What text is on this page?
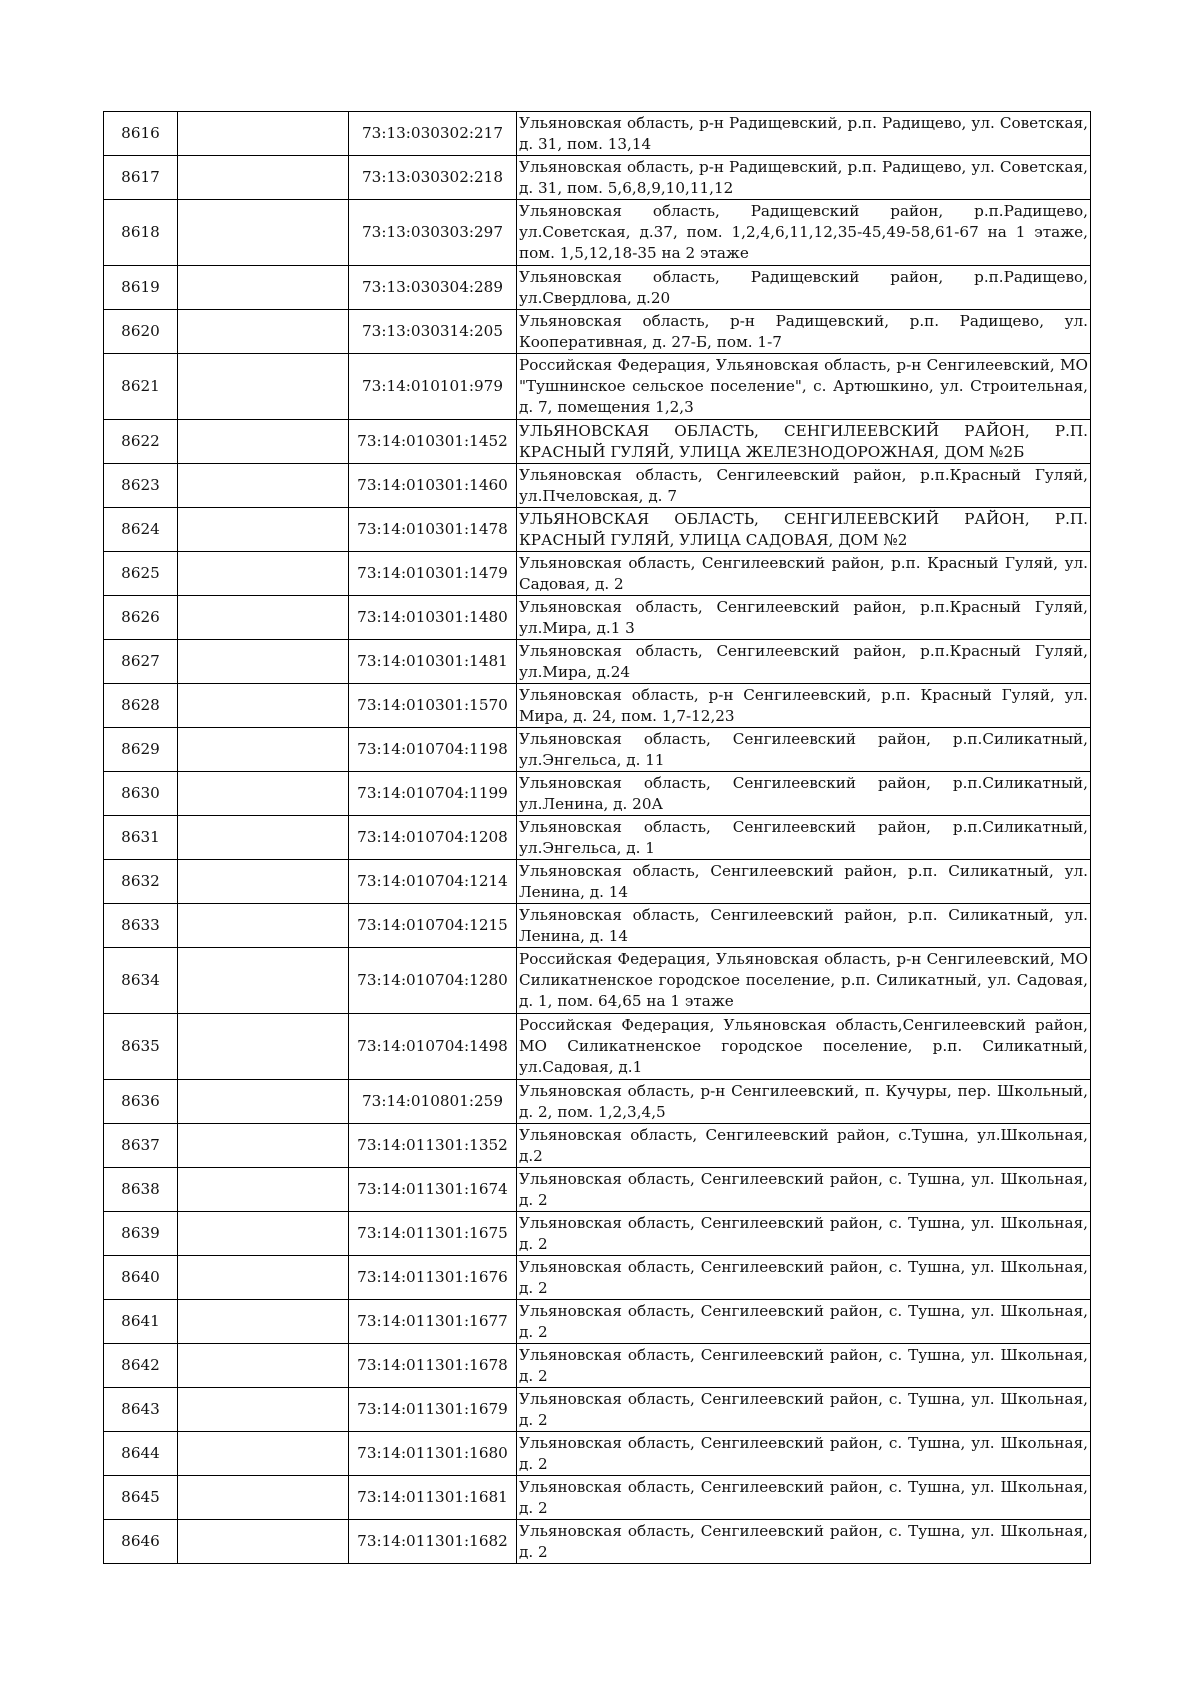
8616		73:13:030302:217	Ульяновская область, р-н Радищевский, р.п. Радищево, ул. Советская, д. 31, пом. 13,14
8617		73:13:030302:218	Ульяновская область, р-н Радищевский, р.п. Радищево, ул. Советская, д. 31, пом. 5,6,8,9,10,11,12
8618		73:13:030303:297	Ульяновская область, Радищевский район, р.п.Радищево, ул.Советская, д.37, пом. 1,2,4,6,11,12,35-45,49-58,61-67 на 1 этаже, пом. 1,5,12,18-35 на 2 этаже
8619		73:13:030304:289	Ульяновская область, Радищевский район, р.п.Радищево, ул.Свердлова, д.20
8620		73:13:030314:205	Ульяновская область, р-н Радищевский, р.п. Радищево, ул. Кооперативная, д. 27-Б, пом. 1-7
8621		73:14:010101:979	Российская Федерация, Ульяновская область, р-н Сенгилеевский, МО "Тушнинское сельское поселение", с. Артюшкино, ул. Строительная, д. 7, помещения 1,2,3
8622		73:14:010301:1452	УЛЬЯНОВСКАЯ ОБЛАСТЬ, СЕНГИЛЕЕВСКИЙ РАЙОН, Р.П. КРАСНЫЙ ГУЛЯЙ, УЛИЦА ЖЕЛЕЗНОДОРОЖНАЯ, ДОМ №2Б
8623		73:14:010301:1460	Ульяновская область, Сенгилеевский район, р.п.Красный Гуляй, ул.Пчеловская, д. 7
8624		73:14:010301:1478	УЛЬЯНОВСКАЯ ОБЛАСТЬ, СЕНГИЛЕЕВСКИЙ РАЙОН, Р.П. КРАСНЫЙ ГУЛЯЙ, УЛИЦА САДОВАЯ, ДОМ №2
8625		73:14:010301:1479	Ульяновская область, Сенгилеевский район, р.п. Красный Гуляй, ул. Садовая, д. 2
8626		73:14:010301:1480	Ульяновская область, Сенгилеевский район, р.п.Красный Гуляй, ул.Мира, д.1 3
8627		73:14:010301:1481	Ульяновская область, Сенгилеевский район, р.п.Красный Гуляй, ул.Мира, д.24
8628		73:14:010301:1570	Ульяновская область, р-н Сенгилеевский, р.п. Красный Гуляй, ул. Мира, д. 24, пом. 1,7-12,23
8629		73:14:010704:1198	Ульяновская область, Сенгилеевский район, р.п.Силикатный, ул.Энгельса, д. 11
8630		73:14:010704:1199	Ульяновская область, Сенгилеевский район, р.п.Силикатный, ул.Ленина, д. 20А
8631		73:14:010704:1208	Ульяновская область, Сенгилеевский район, р.п.Силикатный, ул.Энгельса, д. 1
8632		73:14:010704:1214	Ульяновская область, Сенгилеевский район, р.п. Силикатный, ул. Ленина, д. 14
8633		73:14:010704:1215	Ульяновская область, Сенгилеевский район, р.п. Силикатный, ул. Ленина, д. 14
8634		73:14:010704:1280	Российская Федерация, Ульяновская область, р-н Сенгилеевский, МО Силикатненское городское поселение, р.п. Силикатный, ул. Садовая, д. 1, пом. 64,65 на 1 этаже
8635		73:14:010704:1498	Российская Федерация, Ульяновская область,Сенгилеевский район, МО Силикатненское городское поселение, р.п. Силикатный, ул.Садовая, д.1
8636		73:14:010801:259	Ульяновская область, р-н Сенгилеевский, п. Кучуры, пер. Школьный, д. 2, пом. 1,2,3,4,5
8637		73:14:011301:1352	Ульяновская область, Сенгилеевский район, с.Тушна, ул.Школьная, д.2
8638		73:14:011301:1674	Ульяновская область, Сенгилеевский район, с. Тушна, ул. Школьная, д. 2
8639		73:14:011301:1675	Ульяновская область, Сенгилеевский район, с. Тушна, ул. Школьная, д. 2
8640		73:14:011301:1676	Ульяновская область, Сенгилеевский район, с. Тушна, ул. Школьная, д. 2
8641		73:14:011301:1677	Ульяновская область, Сенгилеевский район, с. Тушна, ул. Школьная, д. 2
8642		73:14:011301:1678	Ульяновская область, Сенгилеевский район, с. Тушна, ул. Школьная, д. 2
8643		73:14:011301:1679	Ульяновская область, Сенгилеевский район, с. Тушна, ул. Школьная, д. 2
8644		73:14:011301:1680	Ульяновская область, Сенгилеевский район, с. Тушна, ул. Школьная, д. 2
8645		73:14:011301:1681	Ульяновская область, Сенгилеевский район, с. Тушна, ул. Школьная, д. 2
8646		73:14:011301:1682	Ульяновская область, Сенгилеевский район, с. Тушна, ул. Школьная, д. 2
